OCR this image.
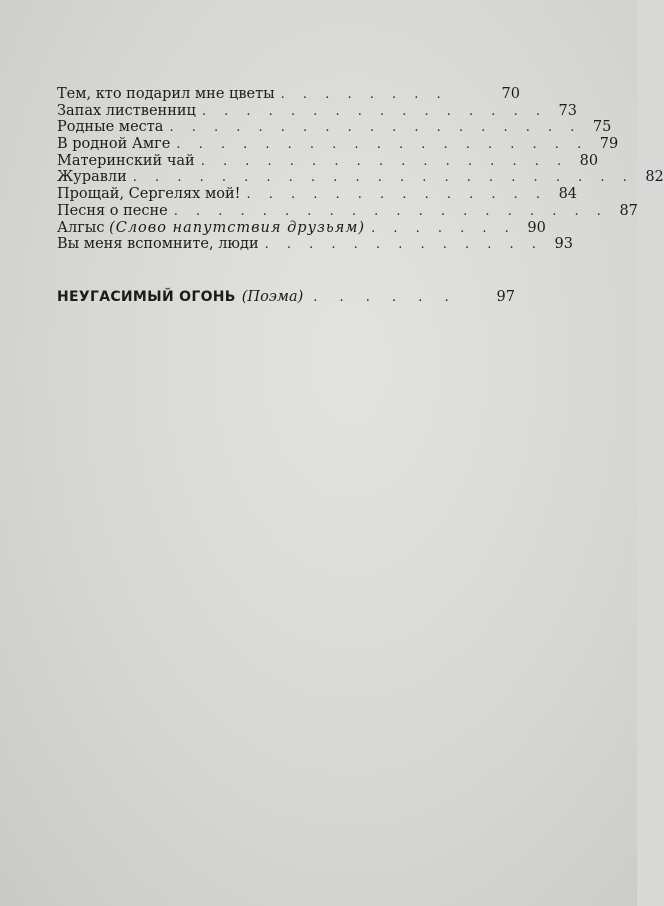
Тем, кто подарил мне цветы . . . . . . . .	70
Запах лиственниц . . . . . . . . . . . . . . . . 73
Родные места . . . . . . . . . . . . . . . . . . . 75
В родной Амге . . . . . . . . . . . . . . . . . . . 79
Материнский чай . . . . . . . . . . . . . . . . . 80
Журавли . . . . . . . . . . . . . . . . . . . . . . . 82
Прощай, Сергелях мой! . . . . . . . . . . . . . . 84
Песня о песне . . . . . . . . . . . . . . . . . . . . 87
Алгыс (Слово напутствия друзьям) . . . . . . . 90
Вы меня вспомните, люди . . . . . . . . . . . . . 93
НЕУГАСИМЫЙ ОГОНЬ (Поэма) . . . . . .	97
